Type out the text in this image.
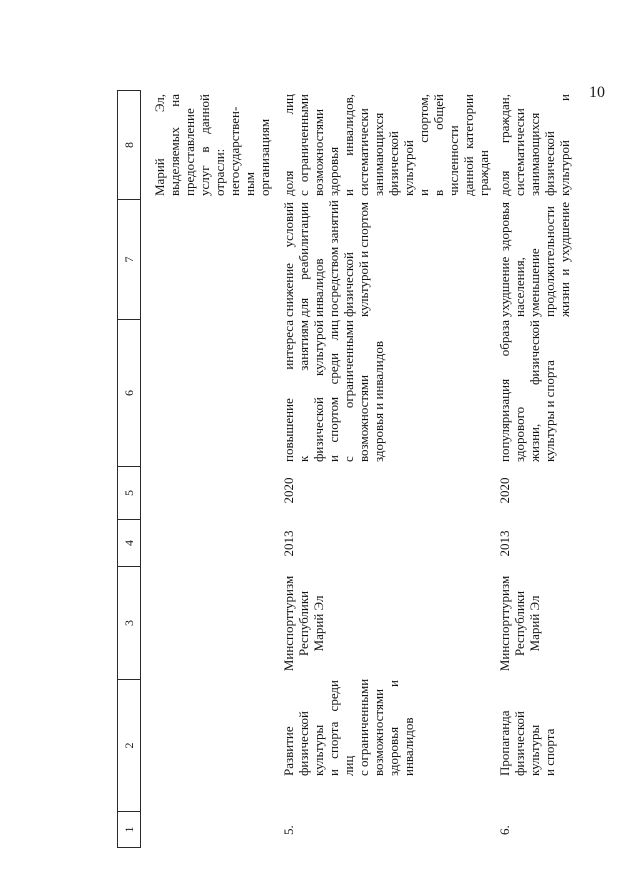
10
1
2
3
4
5
6
7
8	Марий Эл, выделяемых на предоставление услуг в данной отрасли: негосударствен- ным организациям
5.
Развитие физической культуры и спорта среди лиц с ограниченными возможностями здоровья и инвалидов
Минспорттуризм Республики Марий Эл
2013
2020
повышение интереса к занятиям физической культурой и спортом среди лиц с ограниченными возможностями здоровья и инвалидов
снижение условий для реабилитации инвалидов посредством занятий физической культурой и спортом
доля лиц с ограниченными возможностями здоровья и инвалидов, систематически занимающихся физической культурой и спортом, в общей численности данной категории граждан
6.
Пропаганда физической культуры и спорта
Минспорттуризм Республики Марий Эл
2013
2020
популяризация образа здорового жизни, физической культуры и спорта
ухудшение здоровья населения, уменьшение продолжительности жизни и ухудшение
доля граждан, систематически занимающихся физической культурой и
